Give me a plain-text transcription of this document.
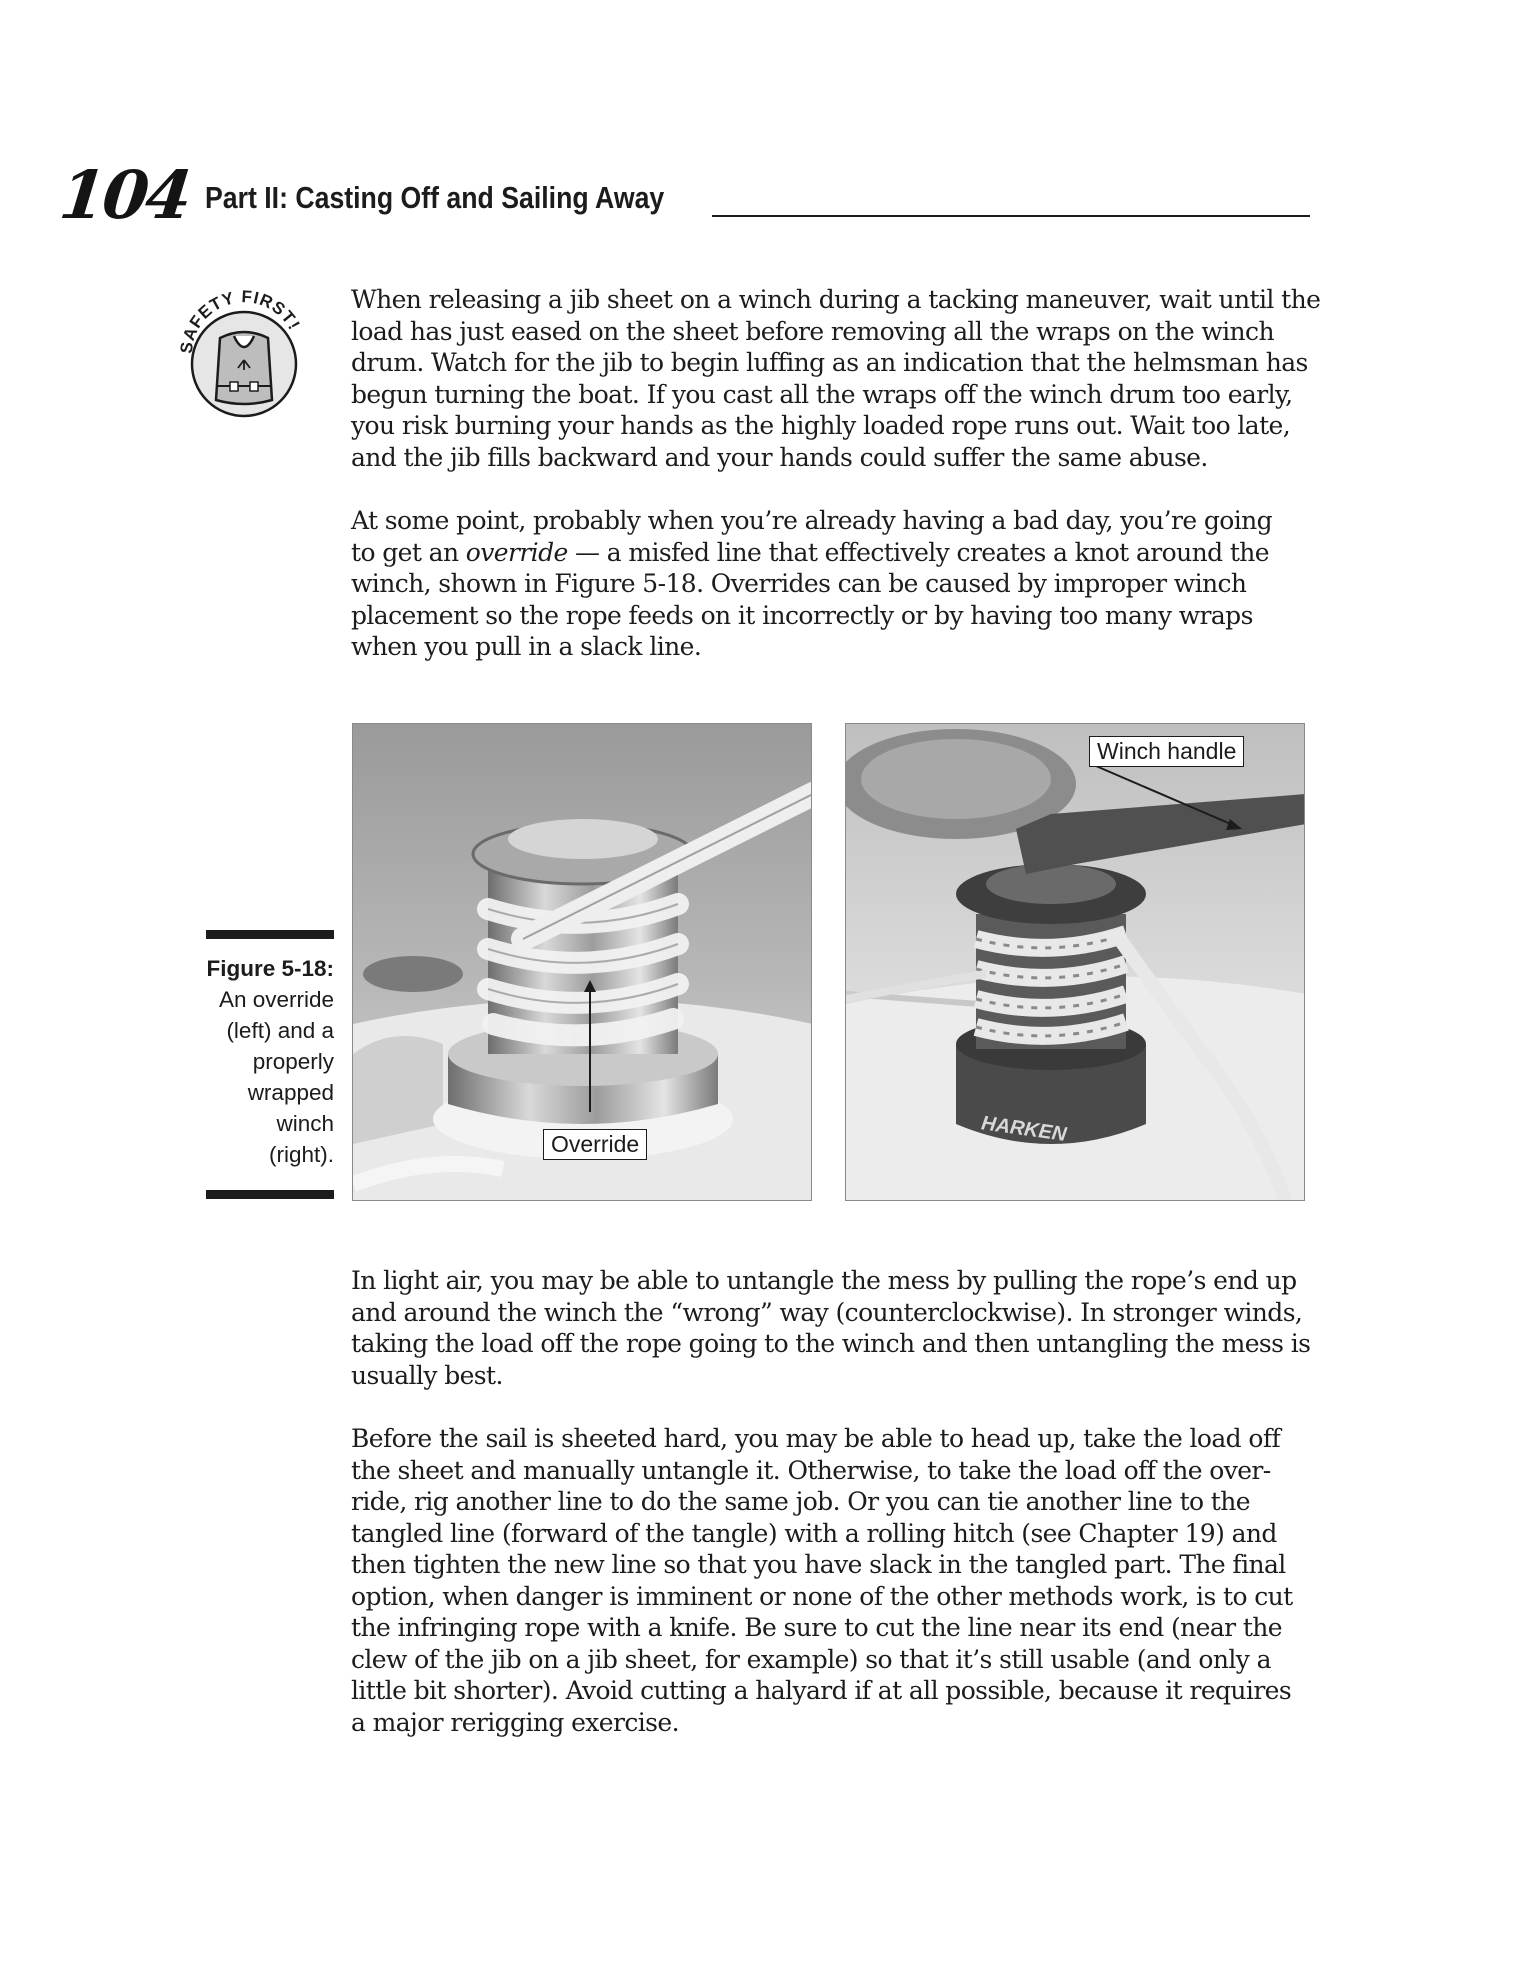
104 Part II: Casting Off and Sailing Away
SAFETY FIRST!
When releasing a jib sheet on a winch during a tacking maneuver, wait until the
load has just eased on the sheet before removing all the wraps on the winch
drum. Watch for the jib to begin luffing as an indication that the helmsman has
begun turning the boat. If you cast all the wraps off the winch drum too early,
you risk burning your hands as the highly loaded rope runs out. Wait too late,
and the jib fills backward and your hands could suffer the same abuse.
At some point, probably when you’re already having a bad day, you’re going
to get an override — a misfed line that effectively creates a knot around the
winch, shown in Figure 5-18. Overrides can be caused by improper winch
placement so the rope feeds on it incorrectly or by having too many wraps
when you pull in a slack line.
Figure 5-18:
An override
(left) and a
properly
wrapped
winch
(right).	Override	HARKEN
Winch handle
In light air, you may be able to untangle the mess by pulling the rope’s end up
and around the winch the “wrong” way (counterclockwise). In stronger winds,
taking the load off the rope going to the winch and then untangling the mess is
usually best.
Before the sail is sheeted hard, you may be able to head up, take the load off
the sheet and manually untangle it. Otherwise, to take the load off the over-
ride, rig another line to do the same job. Or you can tie another line to the
tangled line (forward of the tangle) with a rolling hitch (see Chapter 19) and
then tighten the new line so that you have slack in the tangled part. The final
option, when danger is imminent or none of the other methods work, is to cut
the infringing rope with a knife. Be sure to cut the line near its end (near the
clew of the jib on a jib sheet, for example) so that it’s still usable (and only a
little bit shorter). Avoid cutting a halyard if at all possible, because it requires
a major rerigging exercise.
